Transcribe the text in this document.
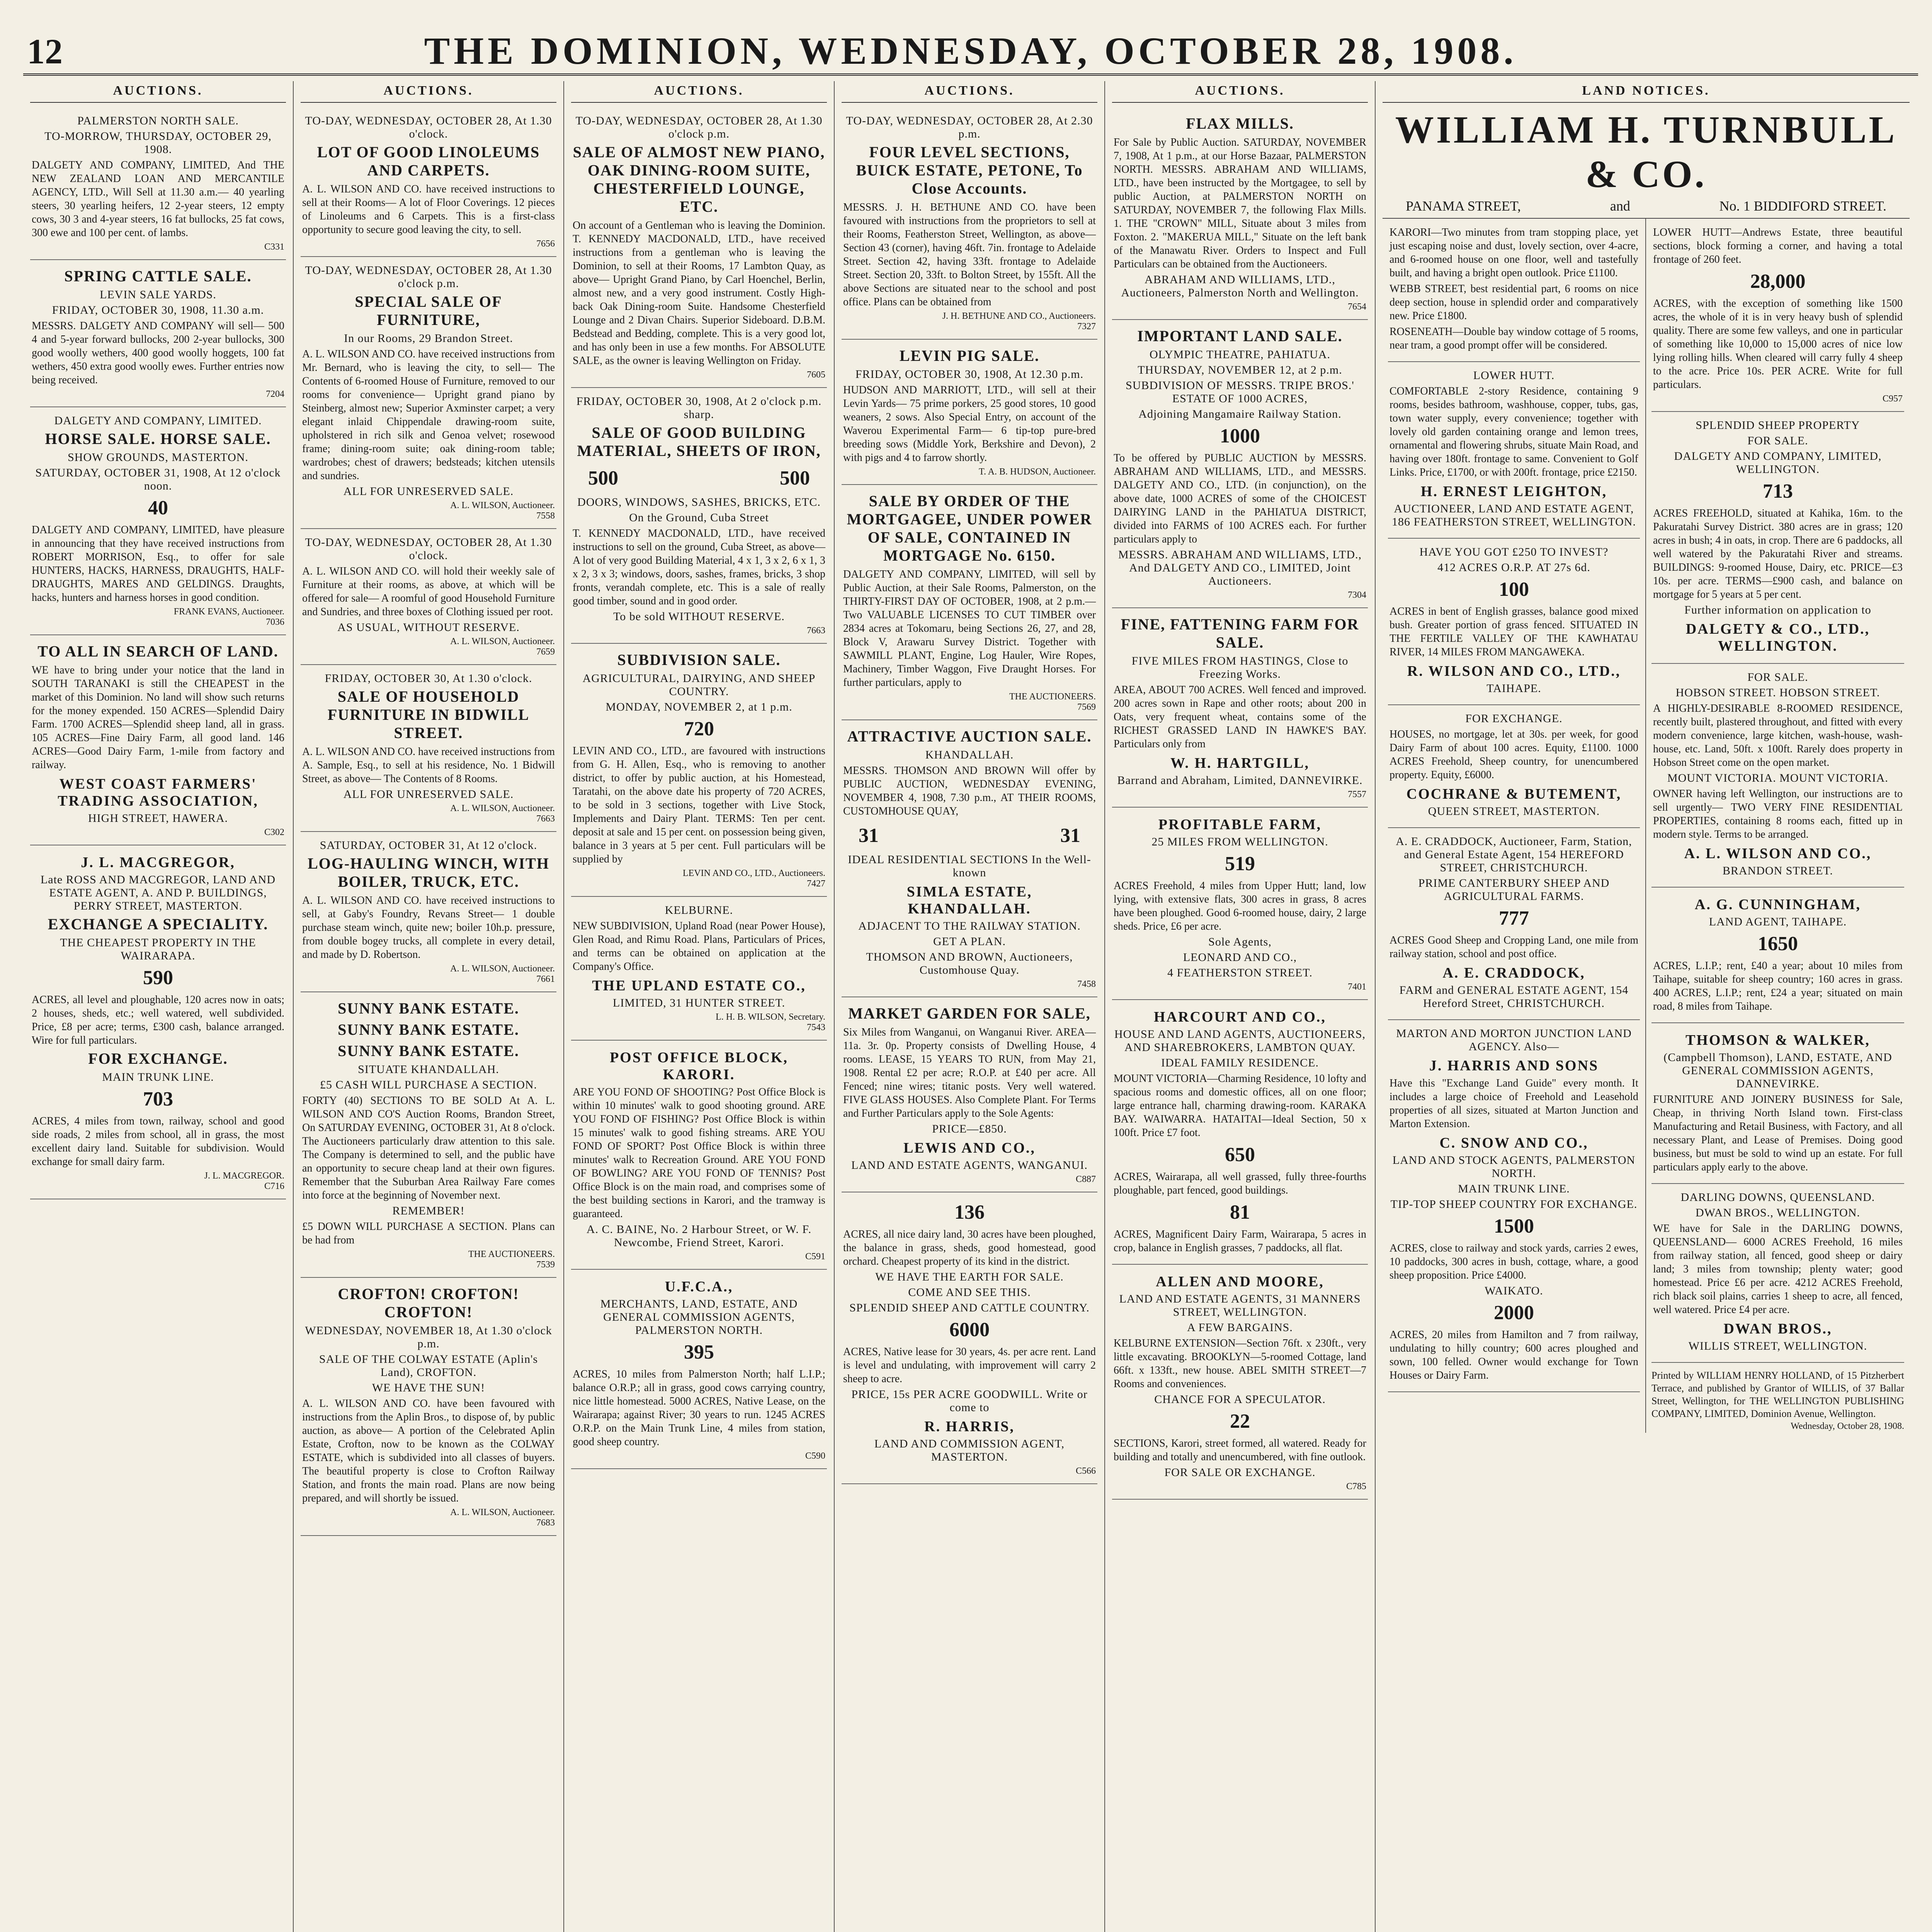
12	THE DOMINION, WEDNESDAY, OCTOBER 28, 1908.
AUCTIONS.
PALMERSTON NORTH SALE.
TO-MORROW, THURSDAY, OCTOBER 29, 1908.

DALGETY AND COMPANY, LIMITED, And THE NEW ZEALAND LOAN AND MERCANTILE AGENCY, LTD., Will Sell at 11.30 a.m.— 40 yearling steers, 30 yearling heifers, 12 2-year steers, 12 empty cows, 30 3 and 4-year steers, 16 fat bullocks, 25 fat cows, 300 ewe and 100 per cent. of lambs.

C331
SPRING CATTLE SALE.
LEVIN SALE YARDS.
FRIDAY, OCTOBER 30, 1908, 11.30 a.m.

MESSRS. DALGETY AND COMPANY will sell— 500 4 and 5-year forward bullocks, 200 2-year bullocks, 300 good woolly wethers, 400 good woolly hoggets, 100 fat wethers, 450 extra good woolly ewes. Further entries now being received.

7204
DALGETY AND COMPANY, LIMITED.
HORSE SALE. HORSE SALE.
SHOW GROUNDS, MASTERTON.
SATURDAY, OCTOBER 31, 1908, At 12 o'clock noon.
40

DALGETY AND COMPANY, LIMITED, have pleasure in announcing that they have received instructions from ROBERT MORRISON, Esq., to offer for sale HUNTERS, HACKS, HARNESS, DRAUGHTS, HALF-DRAUGHTS, MARES AND GELDINGS. Draughts, hacks, hunters and harness horses in good condition.

FRANK EVANS, Auctioneer.
7036
TO ALL IN SEARCH OF LAND.

WE have to bring under your notice that the land in SOUTH TARANAKI is still the CHEAPEST in the market of this Dominion. No land will show such returns for the money expended. 150 ACRES—Splendid Dairy Farm. 1700 ACRES—Splendid sheep land, all in grass. 105 ACRES—Fine Dairy Farm, all good land. 146 ACRES—Good Dairy Farm, 1-mile from factory and railway.

WEST COAST FARMERS' TRADING ASSOCIATION,
HIGH STREET, HAWERA.
C302
J. L. MACGREGOR,
Late ROSS AND MACGREGOR, LAND AND ESTATE AGENT, A. AND P. BUILDINGS, PERRY STREET, MASTERTON.
EXCHANGE A SPECIALITY.
THE CHEAPEST PROPERTY IN THE WAIRARAPA.
590

ACRES, all level and ploughable, 120 acres now in oats; 2 houses, sheds, etc.; well watered, well subdivided. Price, £8 per acre; terms, £300 cash, balance arranged. Wire for full particulars.

FOR EXCHANGE.
MAIN TRUNK LINE.
703

ACRES, 4 miles from town, railway, school and good side roads, 2 miles from school, all in grass, the most excellent dairy land. Suitable for subdivision. Would exchange for small dairy farm.

J. L. MACGREGOR.
C716
AUCTIONS.
TO-DAY, WEDNESDAY, OCTOBER 28, At 1.30 o'clock.
LOT OF GOOD LINOLEUMS AND CARPETS.

A. L. WILSON AND CO. have received instructions to sell at their Rooms— A lot of Floor Coverings. 12 pieces of Linoleums and 6 Carpets. This is a first-class opportunity to secure good leaving the city, to sell.

7656
TO-DAY, WEDNESDAY, OCTOBER 28, At 1.30 o'clock p.m.
SPECIAL SALE OF FURNITURE,
In our Rooms, 29 Brandon Street.

A. L. WILSON AND CO. have received instructions from Mr. Bernard, who is leaving the city, to sell— The Contents of 6-roomed House of Furniture, removed to our rooms for convenience— Upright grand piano by Steinberg, almost new; Superior Axminster carpet; a very elegant inlaid Chippendale drawing-room suite, upholstered in rich silk and Genoa velvet; rosewood frame; dining-room suite; oak dining-room table; wardrobes; chest of drawers; bedsteads; kitchen utensils and sundries.

ALL FOR UNRESERVED SALE.
A. L. WILSON, Auctioneer.
7558
TO-DAY, WEDNESDAY, OCTOBER 28, At 1.30 o'clock.

A. L. WILSON AND CO. will hold their weekly sale of Furniture at their rooms, as above, at which will be offered for sale— A roomful of good Household Furniture and Sundries, and three boxes of Clothing issued per root.

AS USUAL, WITHOUT RESERVE.
A. L. WILSON, Auctioneer.
7659
FRIDAY, OCTOBER 30, At 1.30 o'clock.
SALE OF HOUSEHOLD FURNITURE IN BIDWILL STREET.

A. L. WILSON AND CO. have received instructions from A. Sample, Esq., to sell at his residence, No. 1 Bidwill Street, as above— The Contents of 8 Rooms.

ALL FOR UNRESERVED SALE.
A. L. WILSON, Auctioneer.
7663
SATURDAY, OCTOBER 31, At 12 o'clock.
LOG-HAULING WINCH, WITH BOILER, TRUCK, ETC.

A. L. WILSON AND CO. have received instructions to sell, at Gaby's Foundry, Revans Street— 1 double purchase steam winch, quite new; boiler 10h.p. pressure, from double bogey trucks, all complete in every detail, and made by D. Robertson.

A. L. WILSON, Auctioneer.
7661
SUNNY BANK ESTATE.
SUNNY BANK ESTATE.
SUNNY BANK ESTATE.
SITUATE KHANDALLAH.
£5 CASH WILL PURCHASE A SECTION.

FORTY (40) SECTIONS TO BE SOLD At A. L. WILSON AND CO'S Auction Rooms, Brandon Street, On SATURDAY EVENING, OCTOBER 31, At 8 o'clock. The Auctioneers particularly draw attention to this sale. The Company is determined to sell, and the public have an opportunity to secure cheap land at their own figures. Remember that the Suburban Area Railway Fare comes into force at the beginning of November next.

REMEMBER!

£5 DOWN WILL PURCHASE A SECTION. Plans can be had from

THE AUCTIONEERS.
7539
CROFTON! CROFTON! CROFTON!
WEDNESDAY, NOVEMBER 18, At 1.30 o'clock p.m.
SALE OF THE COLWAY ESTATE (Aplin's Land), CROFTON.
WE HAVE THE SUN!

A. L. WILSON AND CO. have been favoured with instructions from the Aplin Bros., to dispose of, by public auction, as above— A portion of the Celebrated Aplin Estate, Crofton, now to be known as the COLWAY ESTATE, which is subdivided into all classes of buyers. The beautiful property is close to Crofton Railway Station, and fronts the main road. Plans are now being prepared, and will shortly be issued.

A. L. WILSON, Auctioneer.
7683
AUCTIONS.
TO-DAY, WEDNESDAY, OCTOBER 28, At 1.30 o'clock p.m.
SALE OF ALMOST NEW PIANO, OAK DINING-ROOM SUITE, CHESTERFIELD LOUNGE, ETC.

On account of a Gentleman who is leaving the Dominion. T. KENNEDY MACDONALD, LTD., have received instructions from a gentleman who is leaving the Dominion, to sell at their Rooms, 17 Lambton Quay, as above— Upright Grand Piano, by Carl Hoenchel, Berlin, almost new, and a very good instrument. Costly High-back Oak Dining-room Suite. Handsome Chesterfield Lounge and 2 Divan Chairs. Superior Sideboard. D.B.M. Bedstead and Bedding, complete. This is a very good lot, and has only been in use a few months. For ABSOLUTE SALE, as the owner is leaving Wellington on Friday.

7605
FRIDAY, OCTOBER 30, 1908, At 2 o'clock p.m. sharp.
SALE OF GOOD BUILDING MATERIAL, SHEETS OF IRON,
500	500
DOORS, WINDOWS, SASHES, BRICKS, ETC.
On the Ground, Cuba Street

T. KENNEDY MACDONALD, LTD., have received instructions to sell on the ground, Cuba Street, as above— A lot of very good Building Material, 4 x 1, 3 x 2, 6 x 1, 3 x 2, 3 x 3; windows, doors, sashes, frames, bricks, 3 shop fronts, verandah complete, etc. This is a sale of really good timber, sound and in good order.

To be sold WITHOUT RESERVE.
7663
SUBDIVISION SALE.
AGRICULTURAL, DAIRYING, AND SHEEP COUNTRY.
MONDAY, NOVEMBER 2, at 1 p.m.
720

LEVIN AND CO., LTD., are favoured with instructions from G. H. Allen, Esq., who is removing to another district, to offer by public auction, at his Homestead, Taratahi, on the above date his property of 720 ACRES, to be sold in 3 sections, together with Live Stock, Implements and Dairy Plant. TERMS: Ten per cent. deposit at sale and 15 per cent. on possession being given, balance in 3 years at 5 per cent. Full particulars will be supplied by

LEVIN AND CO., LTD., Auctioneers.
7427
KELBURNE.

NEW SUBDIVISION, Upland Road (near Power House), Glen Road, and Rimu Road. Plans, Particulars of Prices, and terms can be obtained on application at the Company's Office.

THE UPLAND ESTATE CO.,
LIMITED, 31 HUNTER STREET.
L. H. B. WILSON, Secretary.
7543
POST OFFICE BLOCK, KARORI.

ARE YOU FOND OF SHOOTING? Post Office Block is within 10 minutes' walk to good shooting ground. ARE YOU FOND OF FISHING? Post Office Block is within 15 minutes' walk to good fishing streams. ARE YOU FOND OF SPORT? Post Office Block is within three minutes' walk to Recreation Ground. ARE YOU FOND OF BOWLING? ARE YOU FOND OF TENNIS? Post Office Block is on the main road, and comprises some of the best building sections in Karori, and the tramway is guaranteed.

A. C. BAINE, No. 2 Harbour Street, or W. F. Newcombe, Friend Street, Karori.
C591
U.F.C.A.,
MERCHANTS, LAND, ESTATE, AND GENERAL COMMISSION AGENTS, PALMERSTON NORTH.
395

ACRES, 10 miles from Palmerston North; half L.I.P.; balance O.R.P.; all in grass, good cows carrying country, nice little homestead. 5000 ACRES, Native Lease, on the Wairarapa; against River; 30 years to run. 1245 ACRES O.R.P. on the Main Trunk Line, 4 miles from station, good sheep country.

C590
AUCTIONS.
TO-DAY, WEDNESDAY, OCTOBER 28, At 2.30 p.m.
FOUR LEVEL SECTIONS, BUICK ESTATE, PETONE, To Close Accounts.

MESSRS. J. H. BETHUNE AND CO. have been favoured with instructions from the proprietors to sell at their Rooms, Featherston Street, Wellington, as above— Section 43 (corner), having 46ft. 7in. frontage to Adelaide Street. Section 42, having 33ft. frontage to Adelaide Street. Section 20, 33ft. to Bolton Street, by 155ft. All the above Sections are situated near to the school and post office. Plans can be obtained from

J. H. BETHUNE AND CO., Auctioneers.
7327
LEVIN PIG SALE.
FRIDAY, OCTOBER 30, 1908, At 12.30 p.m.

HUDSON AND MARRIOTT, LTD., will sell at their Levin Yards— 75 prime porkers, 25 good stores, 10 good weaners, 2 sows. Also Special Entry, on account of the Waverou Experimental Farm— 6 tip-top pure-bred breeding sows (Middle York, Berkshire and Devon), 2 with pigs and 4 to farrow shortly.

T. A. B. HUDSON, Auctioneer.
SALE BY ORDER OF THE MORTGAGEE, UNDER POWER OF SALE, CONTAINED IN MORTGAGE No. 6150.

DALGETY AND COMPANY, LIMITED, will sell by Public Auction, at their Sale Rooms, Palmerston, on the THIRTY-FIRST DAY OF OCTOBER, 1908, at 2 p.m.— Two VALUABLE LICENSES TO CUT TIMBER over 2834 acres at Tokomaru, being Sections 26, 27, and 28, Block V, Arawaru Survey District. Together with SAWMILL PLANT, Engine, Log Hauler, Wire Ropes, Machinery, Timber Waggon, Five Draught Horses. For further particulars, apply to

THE AUCTIONEERS.
7569
ATTRACTIVE AUCTION SALE.
KHANDALLAH.

MESSRS. THOMSON AND BROWN Will offer by PUBLIC AUCTION, WEDNESDAY EVENING, NOVEMBER 4, 1908, 7.30 p.m., AT THEIR ROOMS, CUSTOMHOUSE QUAY,

31	31
IDEAL RESIDENTIAL SECTIONS In the Well-known
SIMLA ESTATE, KHANDALLAH.
ADJACENT TO THE RAILWAY STATION.
GET A PLAN.
THOMSON AND BROWN, Auctioneers, Customhouse Quay.
7458
MARKET GARDEN FOR SALE,

Six Miles from Wanganui, on Wanganui River. AREA—11a. 3r. 0p. Property consists of Dwelling House, 4 rooms. LEASE, 15 YEARS TO RUN, from May 21, 1908. Rental £2 per acre; R.O.P. at £40 per acre. All Fenced; nine wires; titanic posts. Very well watered. FIVE GLASS HOUSES. Also Complete Plant. For Terms and Further Particulars apply to the Sole Agents:

PRICE—£850.
LEWIS AND CO.,
LAND AND ESTATE AGENTS, WANGANUI.
C887
136

ACRES, all nice dairy land, 30 acres have been ploughed, the balance in grass, sheds, good homestead, good orchard. Cheapest property of its kind in the district.

WE HAVE THE EARTH FOR SALE.
COME AND SEE THIS.
SPLENDID SHEEP AND CATTLE COUNTRY.
6000

ACRES, Native lease for 30 years, 4s. per acre rent. Land is level and undulating, with improvement will carry 2 sheep to acre.

PRICE, 15s PER ACRE GOODWILL. Write or come to
R. HARRIS,
LAND AND COMMISSION AGENT, MASTERTON.
C566
AUCTIONS.
FLAX MILLS.

For Sale by Public Auction. SATURDAY, NOVEMBER 7, 1908, At 1 p.m., at our Horse Bazaar, PALMERSTON NORTH. MESSRS. ABRAHAM AND WILLIAMS, LTD., have been instructed by the Mortgagee, to sell by public Auction, at PALMERSTON NORTH on SATURDAY, NOVEMBER 7, the following Flax Mills. 1. THE "CROWN" MILL, Situate about 3 miles from Foxton. 2. "MAKERUA MILL," Situate on the left bank of the Manawatu River. Orders to Inspect and Full Particulars can be obtained from the Auctioneers.

ABRAHAM AND WILLIAMS, LTD., Auctioneers, Palmerston North and Wellington.
7654
IMPORTANT LAND SALE.
OLYMPIC THEATRE, PAHIATUA.
THURSDAY, NOVEMBER 12, at 2 p.m.
SUBDIVISION OF MESSRS. TRIPE BROS.' ESTATE OF 1000 ACRES,
Adjoining Mangamaire Railway Station.
1000

To be offered by PUBLIC AUCTION by MESSRS. ABRAHAM AND WILLIAMS, LTD., and MESSRS. DALGETY AND CO., LTD. (in conjunction), on the above date, 1000 ACRES of some of the CHOICEST DAIRYING LAND in the PAHIATUA DISTRICT, divided into FARMS of 100 ACRES each. For further particulars apply to

MESSRS. ABRAHAM AND WILLIAMS, LTD., And DALGETY AND CO., LIMITED, Joint Auctioneers.
7304
FINE, FATTENING FARM FOR SALE.
FIVE MILES FROM HASTINGS, Close to Freezing Works.

AREA, ABOUT 700 ACRES. Well fenced and improved. 200 acres sown in Rape and other roots; about 200 in Oats, very frequent wheat, contains some of the RICHEST GRASSED LAND IN HAWKE'S BAY. Particulars only from

W. H. HARTGILL,
Barrand and Abraham, Limited, DANNEVIRKE.
7557
PROFITABLE FARM,
25 MILES FROM WELLINGTON.
519

ACRES Freehold, 4 miles from Upper Hutt; land, low lying, with extensive flats, 300 acres in grass, 8 acres have been ploughed. Good 6-roomed house, dairy, 2 large sheds. Price, £6 per acre.

Sole Agents,
LEONARD AND CO.,
4 FEATHERSTON STREET.
7401
HARCOURT AND CO.,
HOUSE AND LAND AGENTS, AUCTIONEERS, AND SHAREBROKERS, LAMBTON QUAY.
IDEAL FAMILY RESIDENCE.

MOUNT VICTORIA—Charming Residence, 10 lofty and spacious rooms and domestic offices, all on one floor; large entrance hall, charming drawing-room. KARAKA BAY. WAIWARRA. HATAITAI—Ideal Section, 50 x 100ft. Price £7 foot.

650

ACRES, Wairarapa, all well grassed, fully three-fourths ploughable, part fenced, good buildings.

81

ACRES, Magnificent Dairy Farm, Wairarapa, 5 acres in crop, balance in English grasses, 7 paddocks, all flat.

ALLEN AND MOORE,
LAND AND ESTATE AGENTS, 31 MANNERS STREET, WELLINGTON.
A FEW BARGAINS.

KELBURNE EXTENSION—Section 76ft. x 230ft., very little excavating. BROOKLYN—5-roomed Cottage, land 66ft. x 133ft., new house. ABEL SMITH STREET—7 Rooms and conveniences.

CHANCE FOR A SPECULATOR.
22

SECTIONS, Karori, street formed, all watered. Ready for building and totally and unencumbered, with fine outlook.

FOR SALE OR EXCHANGE.
C785
LAND NOTICES.
WILLIAM H. TURNBULL & CO.
PANAMA STREET,	and	No. 1 BIDDIFORD STREET.

KARORI—Two minutes from tram stopping place, yet just escaping noise and dust, lovely section, over 4-acre, and 6-roomed house on one floor, well and tastefully built, and having a bright open outlook. Price £1100.

WEBB STREET, best residential part, 6 rooms on nice deep section, house in splendid order and comparatively new. Price £1800.

ROSENEATH—Double bay window cottage of 5 rooms, near tram, a good prompt offer will be considered.

LOWER HUTT.

COMFORTABLE 2-story Residence, containing 9 rooms, besides bathroom, washhouse, copper, tubs, gas, town water supply, every convenience; together with lovely old garden containing orange and lemon trees, ornamental and flowering shrubs, situate Main Road, and having over 180ft. frontage to same. Convenient to Golf Links. Price, £1700, or with 200ft. frontage, price £2150.

H. ERNEST LEIGHTON,
AUCTIONEER, LAND AND ESTATE AGENT, 186 FEATHERSTON STREET, WELLINGTON.
HAVE YOU GOT £250 TO INVEST?
412 ACRES O.R.P. AT 27s 6d.
100

ACRES in bent of English grasses, balance good mixed bush. Greater portion of grass fenced. SITUATED IN THE FERTILE VALLEY OF THE KAWHATAU RIVER, 14 MILES FROM MANGAWEKA.

R. WILSON AND CO., LTD.,
TAIHAPE.
FOR EXCHANGE.

HOUSES, no mortgage, let at 30s. per week, for good Dairy Farm of about 100 acres. Equity, £1100. 1000 ACRES Freehold, Sheep country, for unencumbered property. Equity, £6000.

COCHRANE & BUTEMENT,
QUEEN STREET, MASTERTON.
A. E. CRADDOCK, Auctioneer, Farm, Station, and General Estate Agent, 154 HEREFORD STREET, CHRISTCHURCH.
PRIME CANTERBURY SHEEP AND AGRICULTURAL FARMS.
777

ACRES Good Sheep and Cropping Land, one mile from railway station, school and post office.

A. E. CRADDOCK,
FARM and GENERAL ESTATE AGENT, 154 Hereford Street, CHRISTCHURCH.
MARTON AND MORTON JUNCTION LAND AGENCY. Also—
J. HARRIS AND SONS

Have this "Exchange Land Guide" every month. It includes a large choice of Freehold and Leasehold properties of all sizes, situated at Marton Junction and Marton Extension.

C. SNOW AND CO.,
LAND AND STOCK AGENTS, PALMERSTON NORTH.
MAIN TRUNK LINE.
TIP-TOP SHEEP COUNTRY FOR EXCHANGE.
1500

ACRES, close to railway and stock yards, carries 2 ewes, 10 paddocks, 300 acres in bush, cottage, whare, a good sheep proposition. Price £4000.

WAIKATO.
2000

ACRES, 20 miles from Hamilton and 7 from railway, undulating to hilly country; 600 acres ploughed and sown, 100 felled. Owner would exchange for Town Houses or Dairy Farm.

LOWER HUTT—Andrews Estate, three beautiful sections, block forming a corner, and having a total frontage of 260 feet.

28,000

ACRES, with the exception of something like 1500 acres, the whole of it is in very heavy bush of splendid quality. There are some few valleys, and one in particular of something like 10,000 to 15,000 acres of nice low lying rolling hills. When cleared will carry fully 4 sheep to the acre. Price 10s. PER ACRE. Write for full particulars.

C957
SPLENDID SHEEP PROPERTY
FOR SALE.
DALGETY AND COMPANY, LIMITED, WELLINGTON.
713

ACRES FREEHOLD, situated at Kahika, 16m. to the Pakuratahi Survey District. 380 acres are in grass; 120 acres in bush; 4 in oats, in crop. There are 6 paddocks, all well watered by the Pakuratahi River and streams. BUILDINGS: 9-roomed House, Dairy, etc. PRICE—£3 10s. per acre. TERMS—£900 cash, and balance on mortgage for 5 years at 5 per cent.

Further information on application to
DALGETY & CO., LTD., WELLINGTON.
FOR SALE.
HOBSON STREET. HOBSON STREET.

A HIGHLY-DESIRABLE 8-ROOMED RESIDENCE, recently built, plastered throughout, and fitted with every modern convenience, large kitchen, wash-house, wash-house, etc. Land, 50ft. x 100ft. Rarely does property in Hobson Street come on the open market.

MOUNT VICTORIA. MOUNT VICTORIA.

OWNER having left Wellington, our instructions are to sell urgently— TWO VERY FINE RESIDENTIAL PROPERTIES, containing 8 rooms each, fitted up in modern style. Terms to be arranged.

A. L. WILSON AND CO.,
BRANDON STREET.
A. G. CUNNINGHAM,
LAND AGENT, TAIHAPE.
1650

ACRES, L.I.P.; rent, £40 a year; about 10 miles from Taihape, suitable for sheep country; 160 acres in grass. 400 ACRES, L.I.P.; rent, £24 a year; situated on main road, 8 miles from Taihape.

THOMSON & WALKER,
(Campbell Thomson), LAND, ESTATE, AND GENERAL COMMISSION AGENTS, DANNEVIRKE.

FURNITURE AND JOINERY BUSINESS for Sale, Cheap, in thriving North Island town. First-class Manufacturing and Retail Business, with Factory, and all necessary Plant, and Lease of Premises. Doing good business, but must be sold to wind up an estate. For full particulars apply early to the above.

DARLING DOWNS, QUEENSLAND.
DWAN BROS., WELLINGTON.

WE have for Sale in the DARLING DOWNS, QUEENSLAND— 6000 ACRES Freehold, 16 miles from railway station, all fenced, good sheep or dairy land; 3 miles from township; plenty water; good homestead. Price £6 per acre. 4212 ACRES Freehold, rich black soil plains, carries 1 sheep to acre, all fenced, well watered. Price £4 per acre.

DWAN BROS.,
WILLIS STREET, WELLINGTON.
Printed by WILLIAM HENRY HOLLAND, of 15 Pitzherbert Terrace, and published by Grantor of WILLIS, of 37 Ballar Street, Wellington, for THE WELLINGTON PUBLISHING COMPANY, LIMITED, Dominion Avenue, Wellington.
Wednesday, October 28, 1908.
